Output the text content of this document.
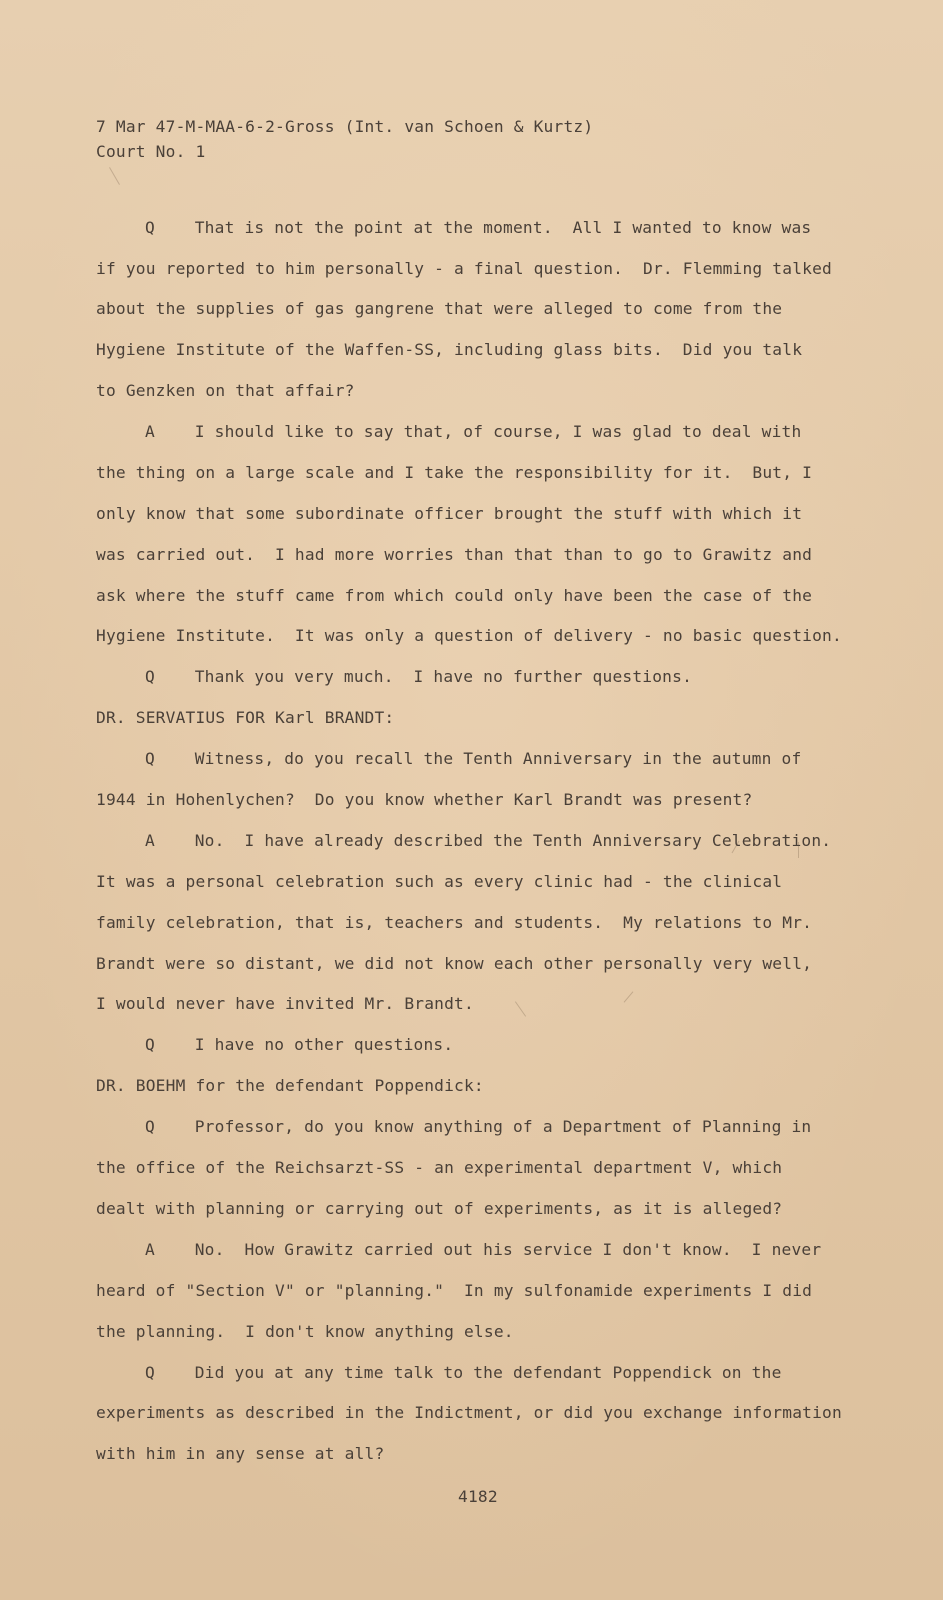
7 Mar 47-M-MAA-6-2-Gross (Int. van Schoen & Kurtz)
Court No. 1
Q    That is not the point at the moment.  All I wanted to know was
if you reported to him personally - a final question.  Dr. Flemming talked
about the supplies of gas gangrene that were alleged to come from the
Hygiene Institute of the Waffen-SS, including glass bits.  Did you talk
to Genzken on that affair?
A    I should like to say that, of course, I was glad to deal with
the thing on a large scale and I take the responsibility for it.  But, I
only know that some subordinate officer brought the stuff with which it
was carried out.  I had more worries than that than to go to Grawitz and
ask where the stuff came from which could only have been the case of the
Hygiene Institute.  It was only a question of delivery - no basic question.
Q    Thank you very much.  I have no further questions.
DR. SERVATIUS FOR Karl BRANDT:
Q    Witness, do you recall the Tenth Anniversary in the autumn of
1944 in Hohenlychen?  Do you know whether Karl Brandt was present?
A    No.  I have already described the Tenth Anniversary Celebration.
It was a personal celebration such as every clinic had - the clinical
family celebration, that is, teachers and students.  My relations to Mr.
Brandt were so distant, we did not know each other personally very well,
I would never have invited Mr. Brandt.
Q    I have no other questions.
DR. BOEHM for the defendant Poppendick:
Q    Professor, do you know anything of a Department of Planning in
the office of the Reichsarzt-SS - an experimental department V, which
dealt with planning or carrying out of experiments, as it is alleged?
A    No.  How Grawitz carried out his service I don't know.  I never
heard of "Section V" or "planning."  In my sulfonamide experiments I did
the planning.  I don't know anything else.
Q    Did you at any time talk to the defendant Poppendick on the
experiments as described in the Indictment, or did you exchange information
with him in any sense at all?
4182
